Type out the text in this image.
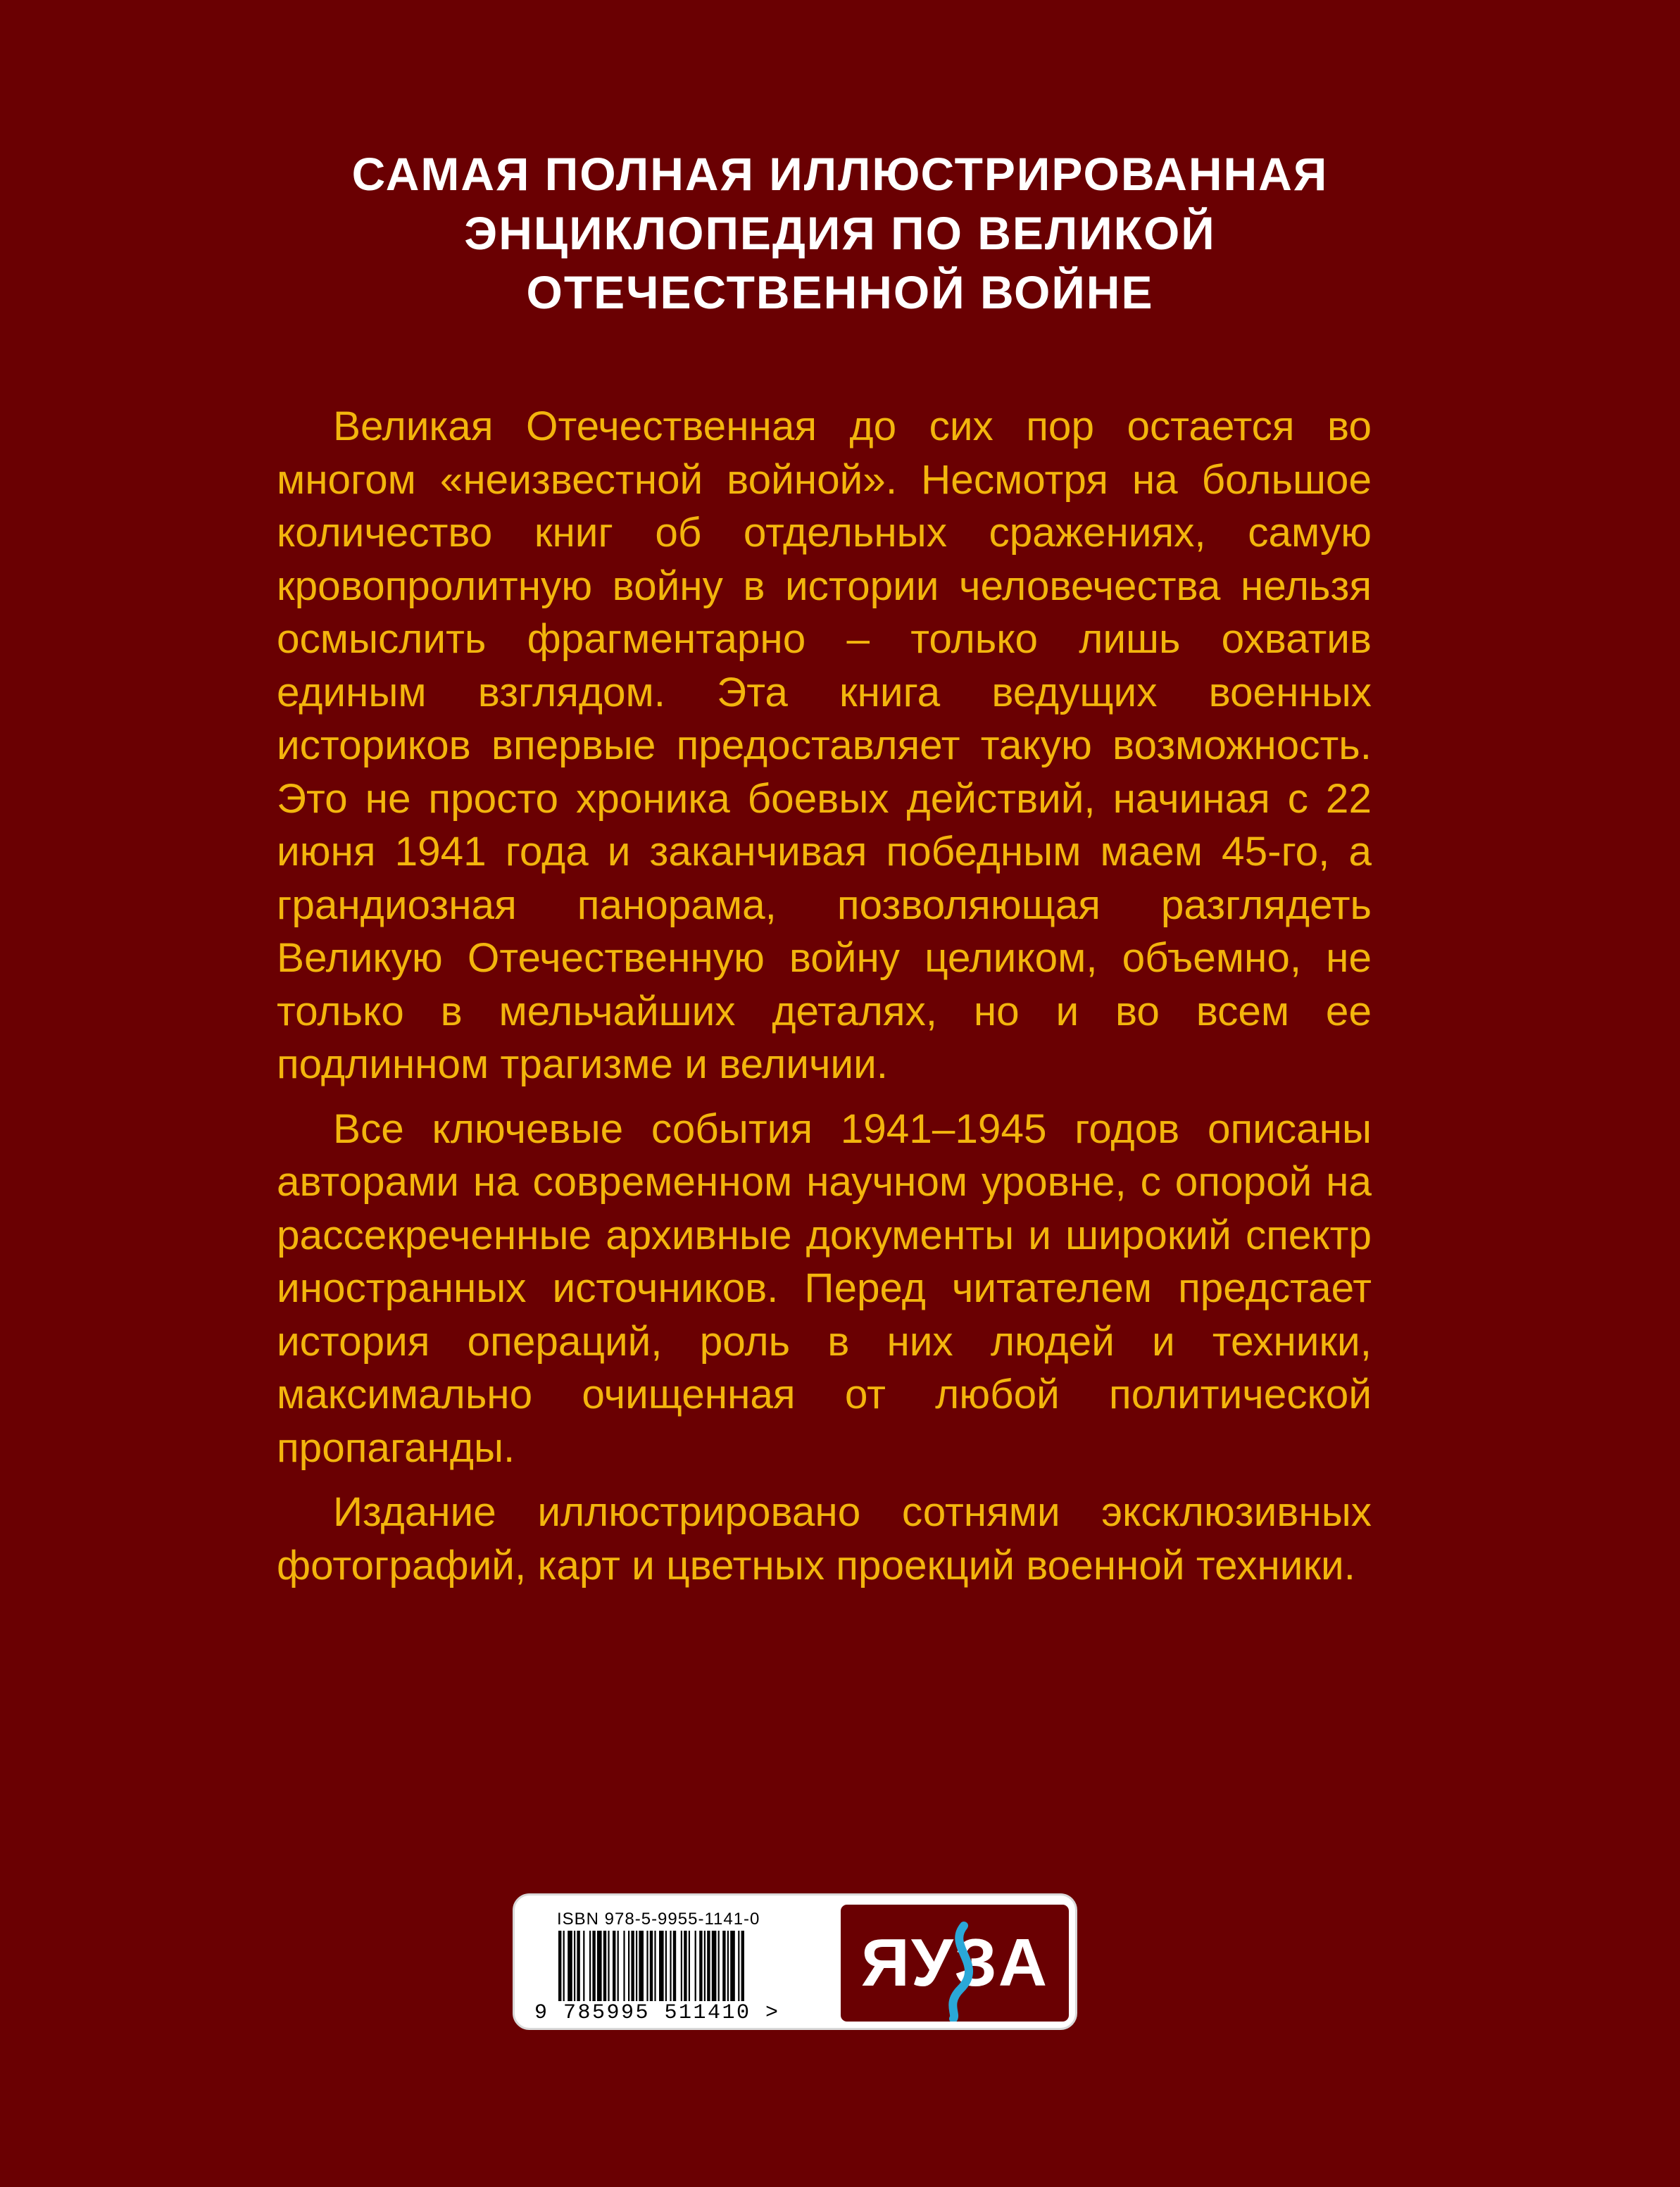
САМАЯ ПОЛНАЯ ИЛЛЮСТРИРОВАННАЯ
ЭНЦИКЛОПЕДИЯ ПО ВЕЛИКОЙ
ОТЕЧЕСТВЕННОЙ ВОЙНЕ

Великая Отечественная до сих пор остается во многом «неизвестной войной». Несмотря на большое количество книг об отдельных сражениях, самую кровопролитную войну в истории человечества нельзя осмыслить фрагментарно – только лишь охватив единым взглядом. Эта книга ведущих военных историков впервые предоставляет такую возможность. Это не просто хроника боевых действий, начиная с 22 июня 1941 года и заканчивая победным маем 45-го, а грандиозная панорама, позволяющая разглядеть Великую Отечественную войну целиком, объемно, не только в мельчайших деталях, но и во всем ее подлинном трагизме и величии.

Все ключевые события 1941–1945 годов описаны авторами на современном научном уровне, с опорой на рассекреченные архивные документы и широкий спектр иностранных источников. Перед читателем предстает история операций, роль в них людей и техники, максимально очищенная от любой политической пропаганды.

Издание иллюстрировано сотнями эксклюзивных фотографий, карт и цветных проекций военной техники.

ISBN 978-5-9955-1141-0
9 785995 511410 >
ЯУЗА
